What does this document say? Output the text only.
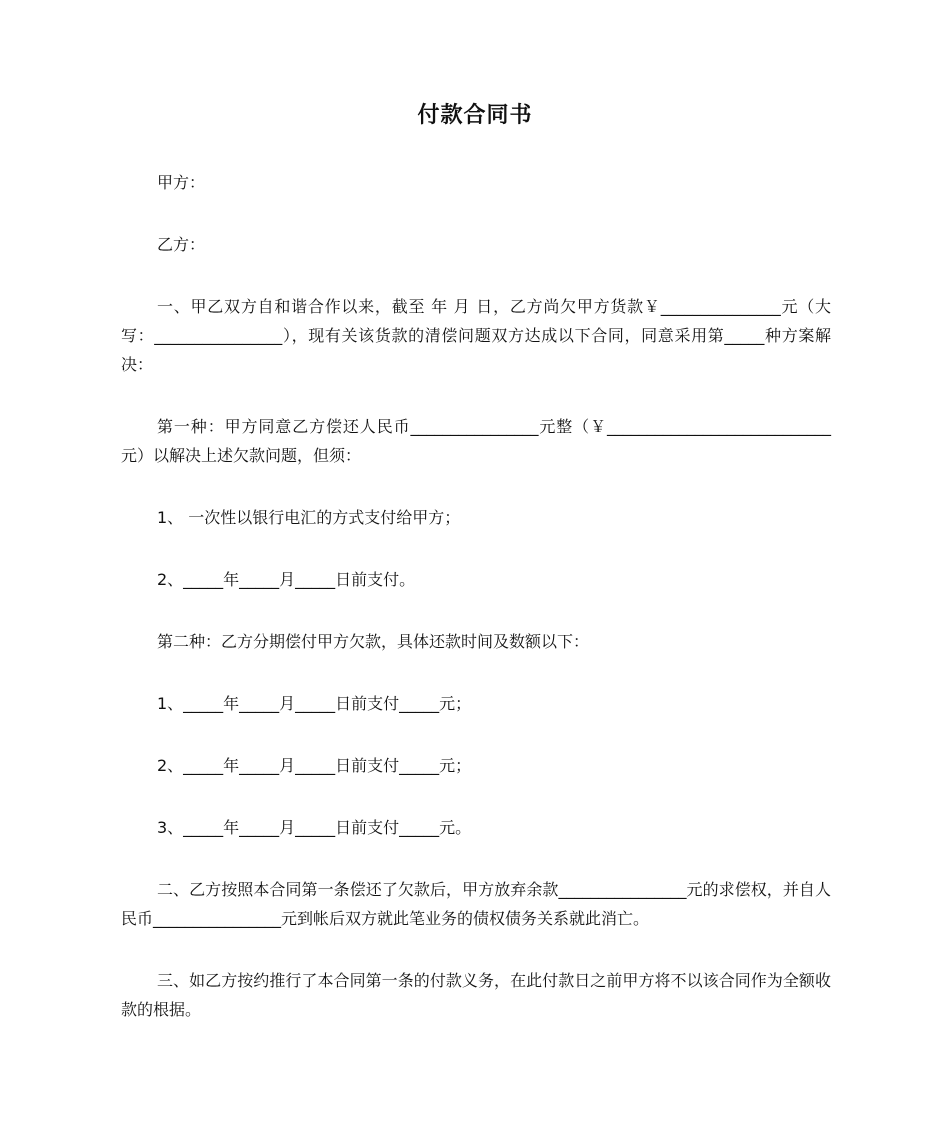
付款合同书

甲方：

乙方：

一、甲乙双方自和谐合作以来，截至 年 月 日，乙方尚欠甲方货款￥_______________元（大写：________________），现有关该货款的清偿问题双方达成以下合同，同意采用第_____种方案解决：

第一种：甲方同意乙方偿还人民币________________元整（￥____________________________元）以解决上述欠款问题，但须：

1、 一次性以银行电汇的方式支付给甲方；

2、_____年_____月_____日前支付。

第二种：乙方分期偿付甲方欠款，具体还款时间及数额以下：

1、_____年_____月_____日前支付_____元；

2、_____年_____月_____日前支付_____元；

3、_____年_____月_____日前支付_____元。

二、乙方按照本合同第一条偿还了欠款后，甲方放弃余款________________元的求偿权，并自人民币________________元到帐后双方就此笔业务的债权债务关系就此消亡。

三、如乙方按约推行了本合同第一条的付款义务，在此付款日之前甲方将不以该合同作为全额收款的根据。
